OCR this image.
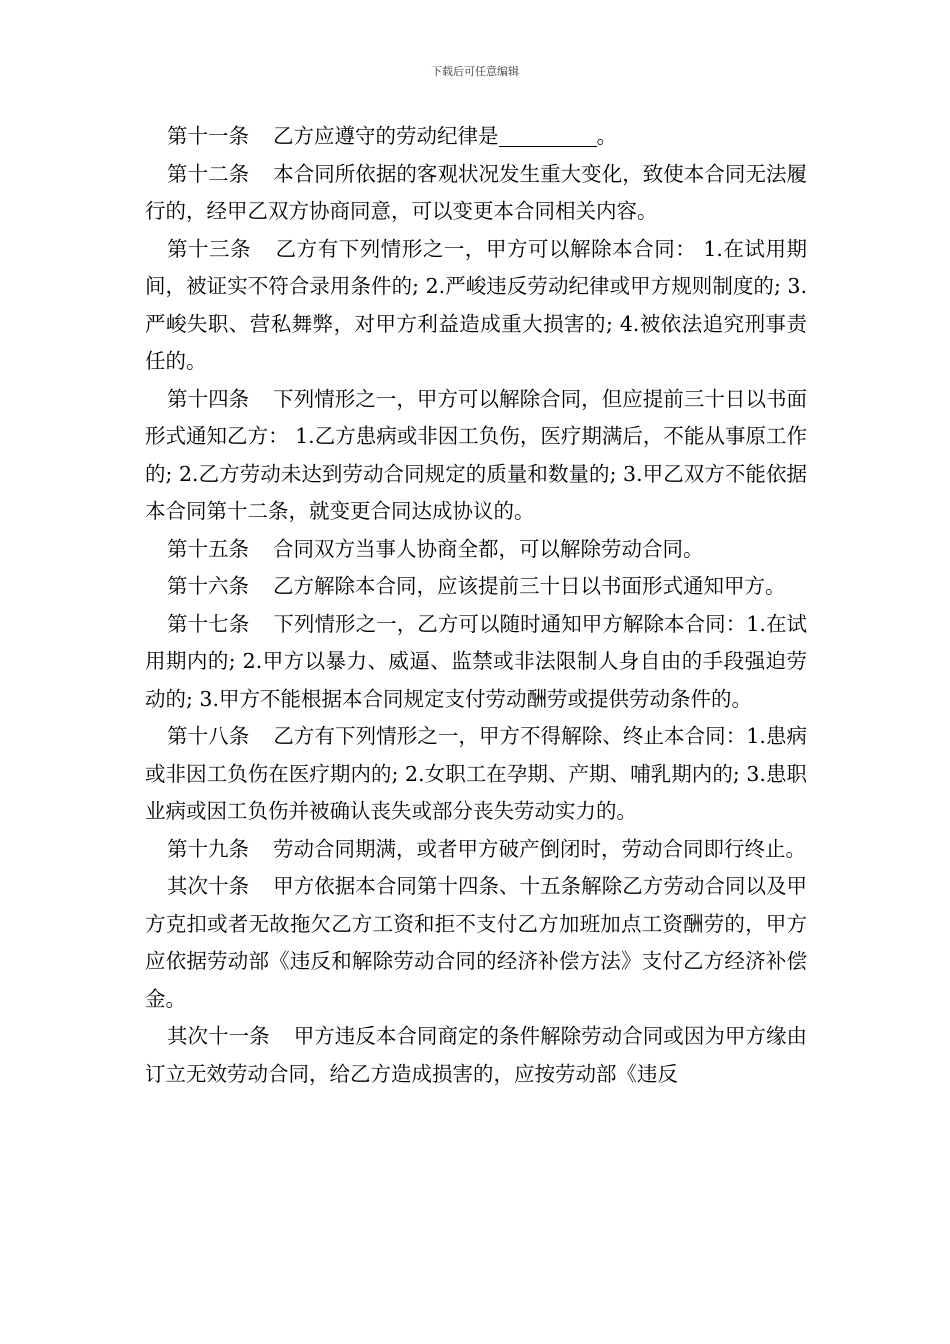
下载后可任意编辑

第十一条 乙方应遵守的劳动纪律是	。

第十二条 本合同所依据的客观状况发生重大变化，致使本合同无法履行的，经甲乙双方协商同意，可以变更本合同相关内容。

第十三条 乙方有下列情形之一，甲方可以解除本合同： 1.在试用期间，被证实不符合录用条件的; 2.严峻违反劳动纪律或甲方规则制度的; 3.严峻失职、营私舞弊，对甲方利益造成重大损害的; 4.被依法追究刑事责任的。

第十四条 下列情形之一，甲方可以解除合同，但应提前三十日以书面形式通知乙方： 1.乙方患病或非因工负伤，医疗期满后，不能从事原工作的; 2.乙方劳动未达到劳动合同规定的质量和数量的; 3.甲乙双方不能依据本合同第十二条，就变更合同达成协议的。

第十五条 合同双方当事人协商全都，可以解除劳动合同。

第十六条 乙方解除本合同，应该提前三十日以书面形式通知甲方。

第十七条 下列情形之一，乙方可以随时通知甲方解除本合同：1.在试用期内的; 2.甲方以暴力、威逼、监禁或非法限制人身自由的手段强迫劳动的; 3.甲方不能根据本合同规定支付劳动酬劳或提供劳动条件的。

第十八条 乙方有下列情形之一，甲方不得解除、终止本合同：1.患病或非因工负伤在医疗期内的; 2.女职工在孕期、产期、哺乳期内的; 3.患职业病或因工负伤并被确认丧失或部分丧失劳动实力的。

第十九条 劳动合同期满，或者甲方破产倒闭时，劳动合同即行终止。

其次十条 甲方依据本合同第十四条、十五条解除乙方劳动合同以及甲方克扣或者无故拖欠乙方工资和拒不支付乙方加班加点工资酬劳的，甲方应依据劳动部《违反和解除劳动合同的经济补偿方法》支付乙方经济补偿金。

其次十一条 甲方违反本合同商定的条件解除劳动合同或因为甲方缘由订立无效劳动合同，给乙方造成损害的，应按劳动部《违反
